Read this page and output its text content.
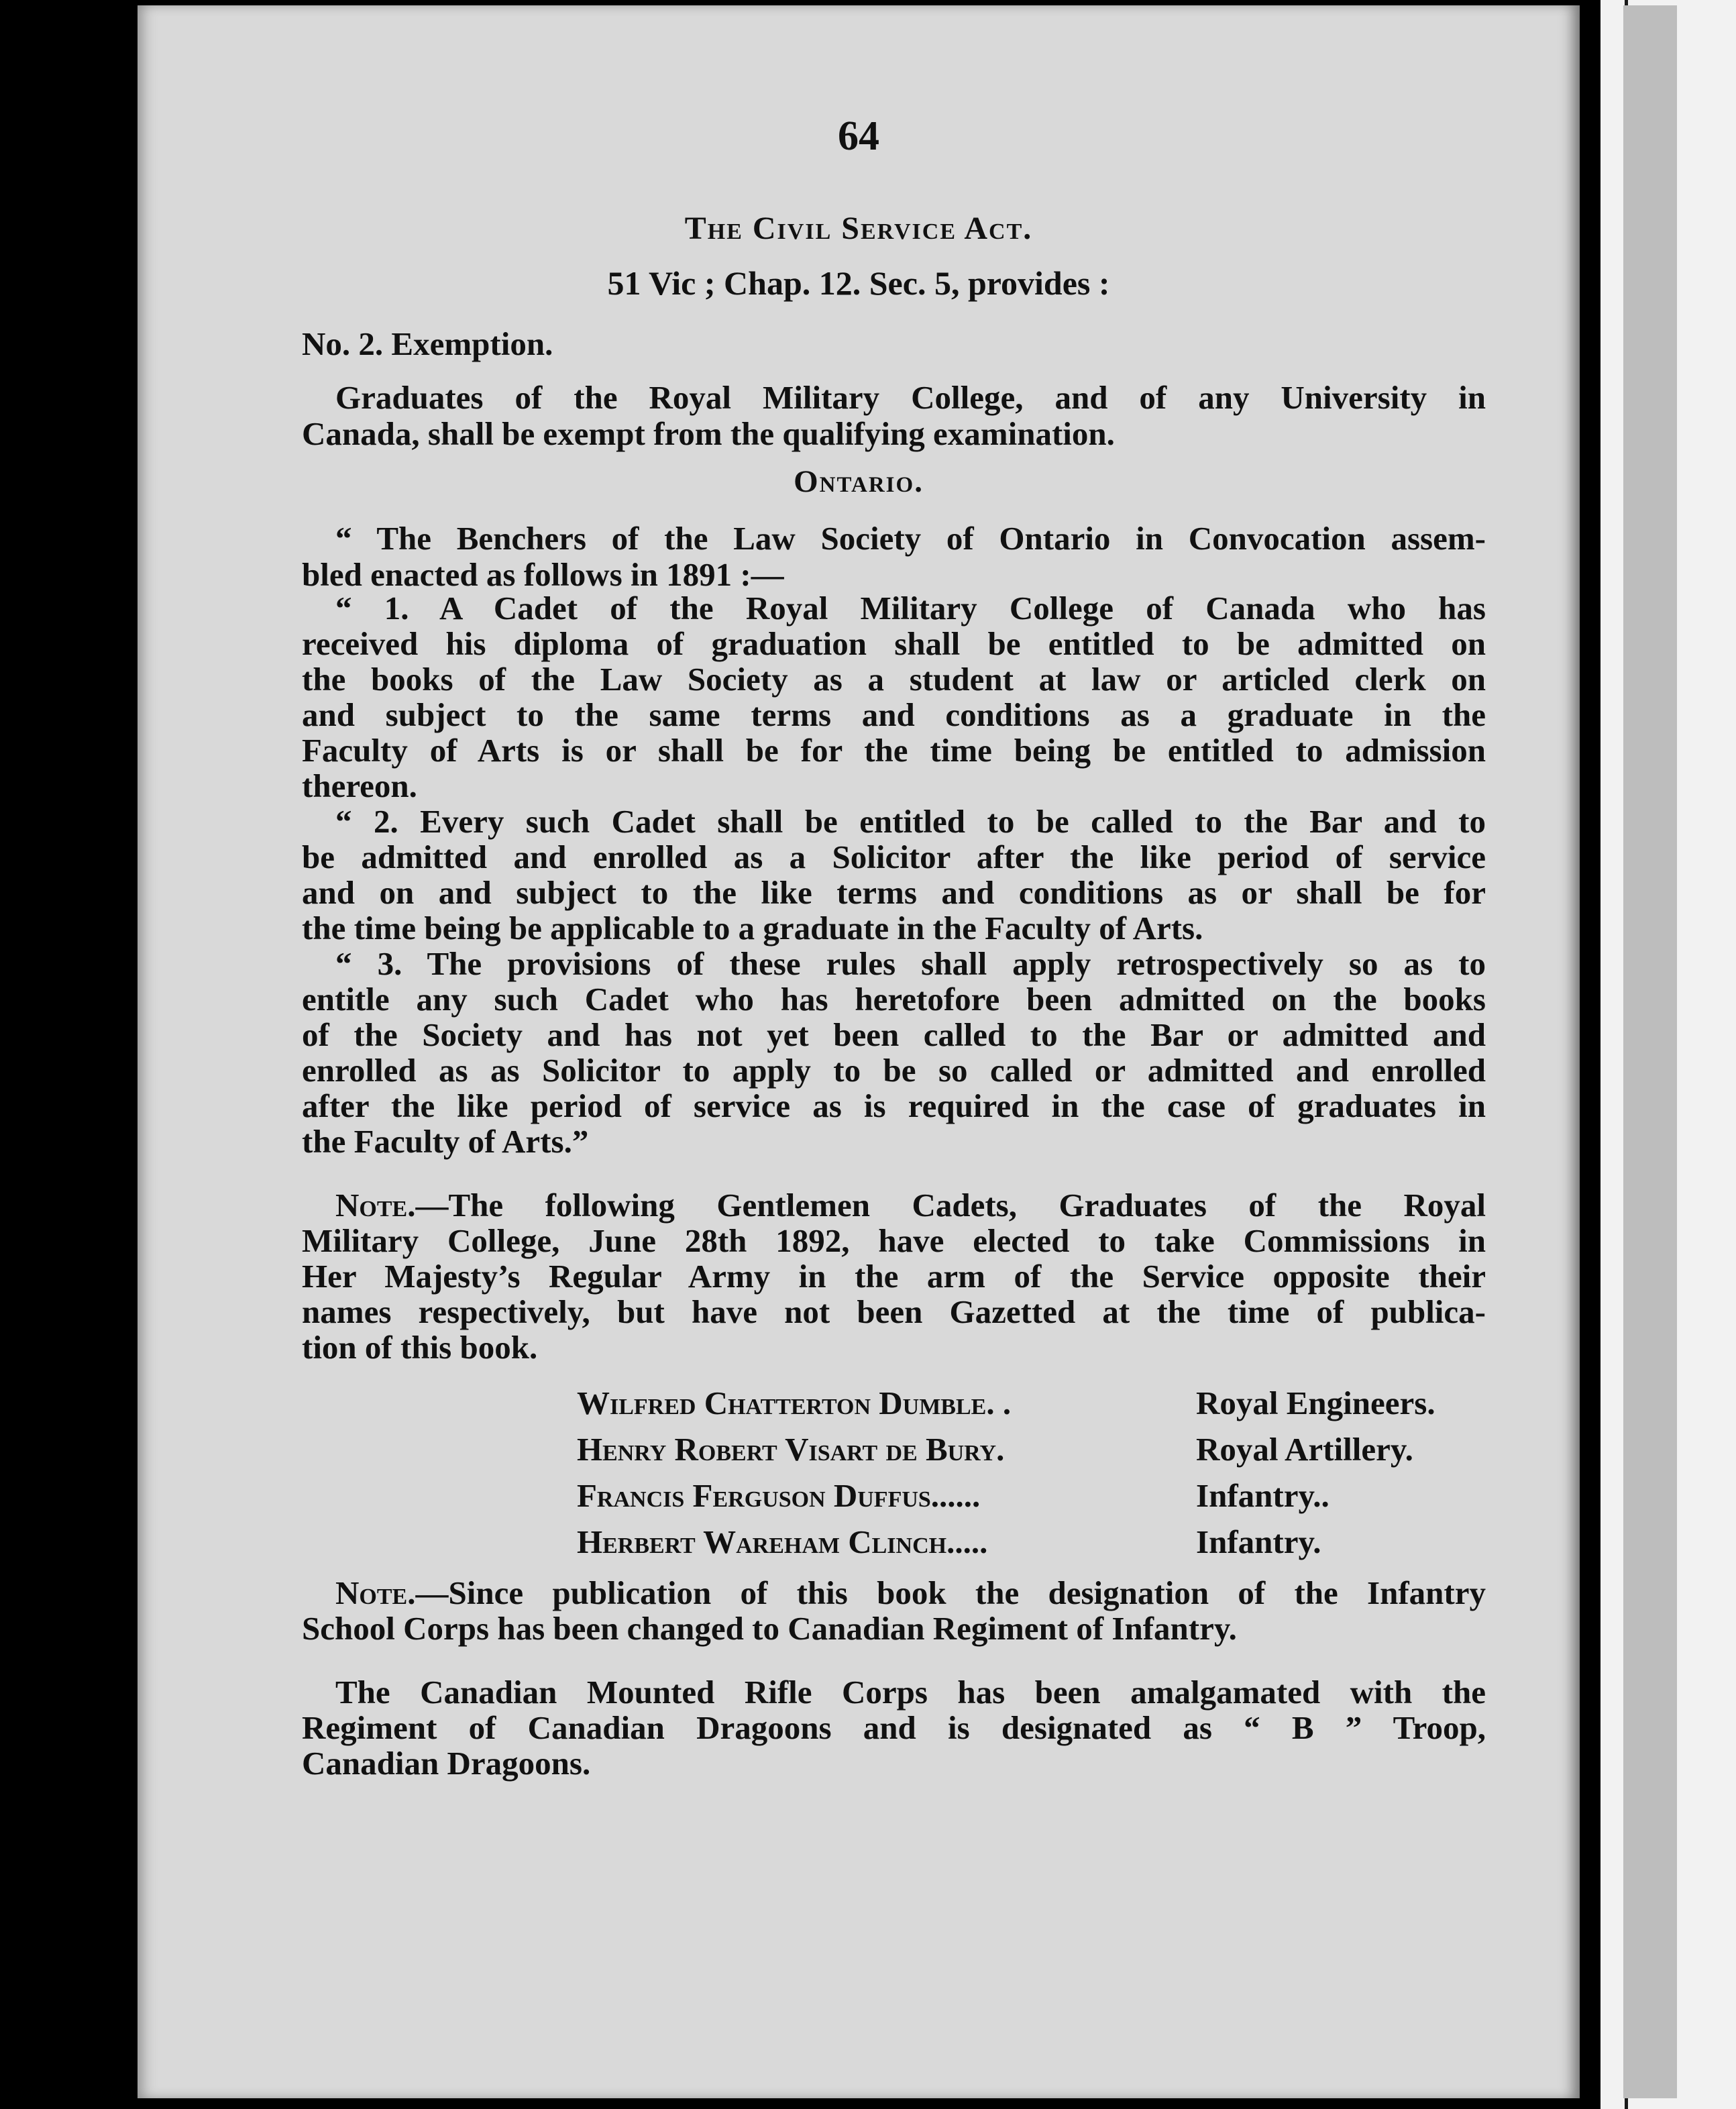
64
The Civil Service Act.
51 Vic ; Chap. 12. Sec. 5, provides :
No. 2. Exemption.
Graduates of the Royal Military College, and of any University in
Canada, shall be exempt from the qualifying examination.
Ontario.
“ The Benchers of the Law Society of Ontario in Convocation assem-
bled enacted as follows in 1891 :—
“ 1. A Cadet of the Royal Military College of Canada who has
received his diploma of graduation shall be entitled to be admitted on
the books of the Law Society as a student at law or articled clerk on
and subject to the same terms and conditions as a graduate in the
Faculty of Arts is or shall be for the time being be entitled to admission
thereon.
“ 2. Every such Cadet shall be entitled to be called to the Bar and to
be admitted and enrolled as a Solicitor after the like period of service
and on and subject to the like terms and conditions as or shall be for
the time being be applicable to a graduate in the Faculty of Arts.
“ 3. The provisions of these rules shall apply retrospectively so as to
entitle any such Cadet who has heretofore been admitted on the books
of the Society and has not yet been called to the Bar or admitted and
enrolled as as Solicitor to apply to be so called or admitted and enrolled
after the like period of service as is required in the case of graduates in
the Faculty of Arts.”
Note.—The following Gentlemen Cadets, Graduates of the Royal
Military College, June 28th 1892, have elected to take Commissions in
Her Majesty’s Regular Army in the arm of the Service opposite their
names respectively, but have not been Gazetted at the time of publica-
tion of this book.
Wilfred Chatterton Dumble. .	Royal Engineers.
Henry Robert Visart de Bury.	Royal Artillery.
Francis Ferguson Duffus......	Infantry..
Herbert Wareham Clinch.....	Infantry.
Note.—Since publication of this book the designation of the Infantry
School Corps has been changed to Canadian Regiment of Infantry.
The Canadian Mounted Rifle Corps has been amalgamated with the
Regiment of Canadian Dragoons and is designated as “ B ” Troop,
Canadian Dragoons.
